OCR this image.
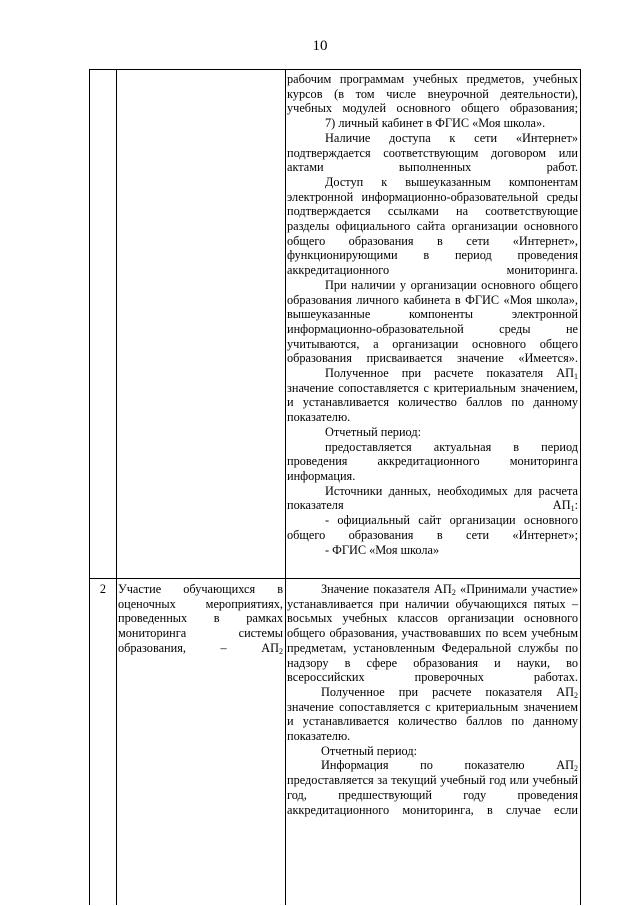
10

рабочим программам учебных предметов, учебных курсов (в том числе внеурочной деятельности), учебных модулей основного общего образования;

7) личный кабинет в ФГИС «Моя школа».

Наличие доступа к сети «Интернет» подтверждается соответствующим договором или актами выполненных работ.

Доступ к вышеуказанным компонентам электронной информационно-образовательной среды подтверждается ссылками на соответствующие разделы официального сайта организации основного общего образования в сети «Интернет», функционирующими в период проведения аккредитационного мониторинга.

При наличии у организации основного общего образования личного кабинета в ФГИС «Моя школа», вышеуказанные компоненты электронной информационно-образовательной среды не учитываются, а организации основного общего образования присваивается значение «Имеется».

Полученное при расчете показателя $АП_1$ значение сопоставляется с критериальным значением, и устанавливается количество баллов по данному показателю.

Отчетный период:

предоставляется актуальная в период проведения аккредитационного мониторинга информация.

Источники данных, необходимых для расчета показателя $АП_1$:

- официальный сайт организации основного общего образования в сети «Интернет»;

- ФГИС «Моя школа»

2 Участие обучающихся в оценочных мероприятиях, проведенных в рамках мониторинга системы образования, – $АП_2$

Значение показателя $АП_2$ «Принимали участие» устанавливается при наличии обучающихся пятых – восьмых учебных классов организации основного общего образования, участвовавших по всем учебным предметам, установленным Федеральной службы по надзору в сфере образования и науки, во всероссийских проверочных работах.

Полученное при расчете показателя $АП_2$ значение сопоставляется с критериальным значением и устанавливается количество баллов по данному показателю.

Отчетный период:

Информация по показателю $АП_2$ предоставляется за текущий учебный год или учебный год, предшествующий году проведения аккредитационного мониторинга, в случае если
